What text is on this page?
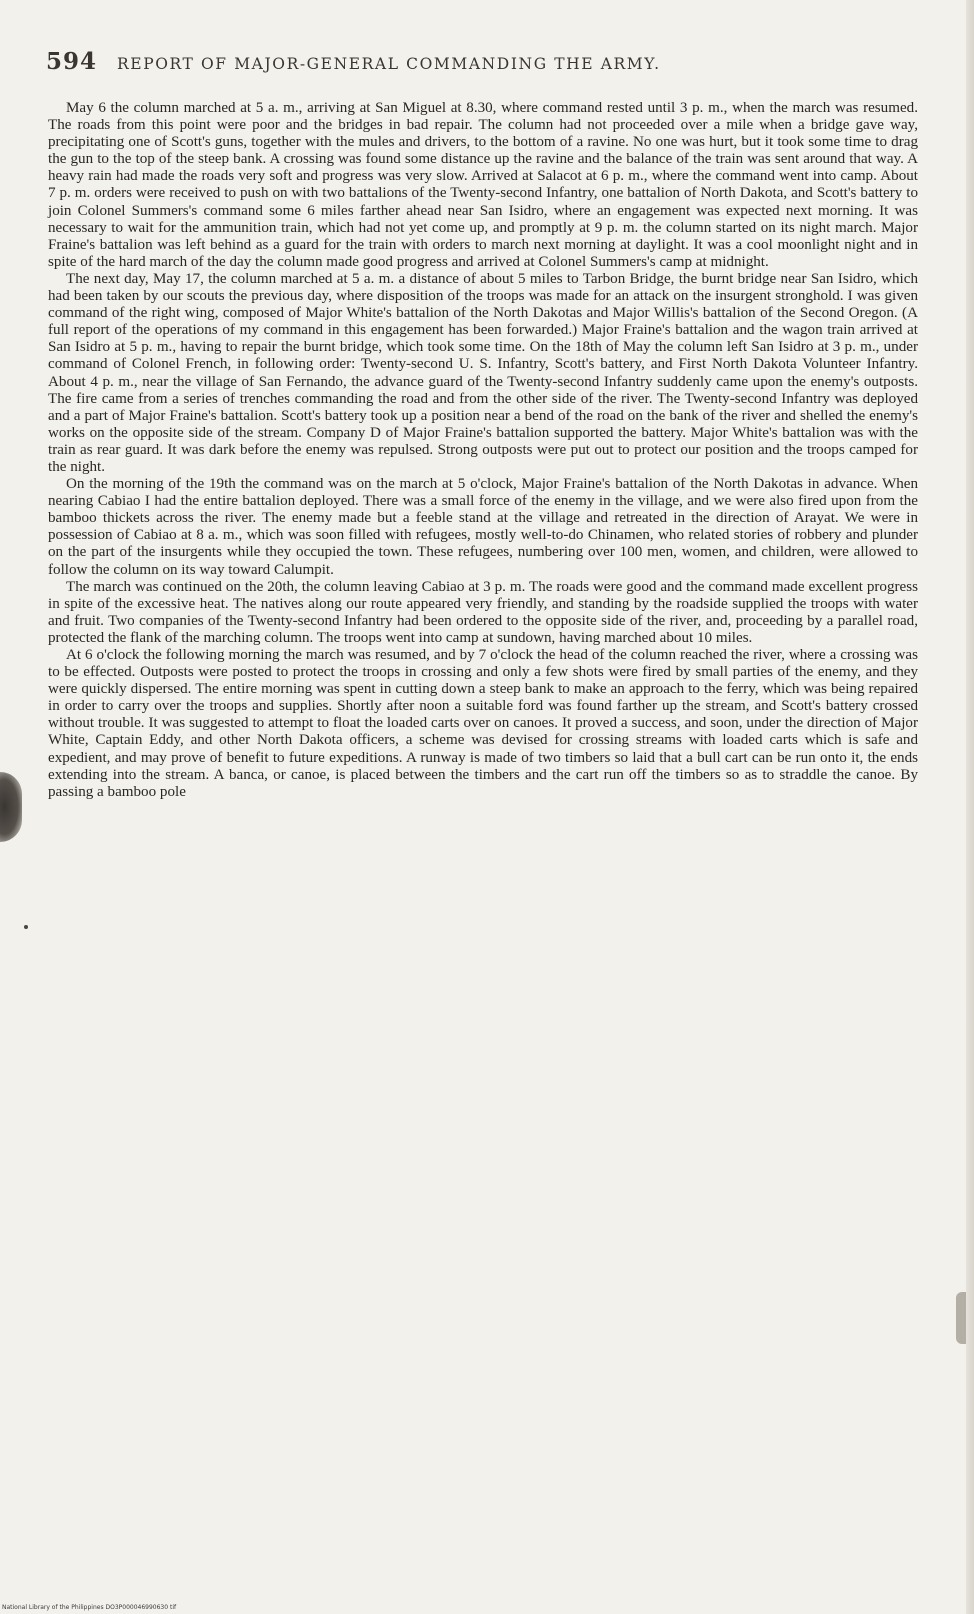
594 REPORT OF MAJOR-GENERAL COMMANDING THE ARMY.

May 6 the column marched at 5 a. m., arriving at San Miguel at 8.30, where command rested until 3 p. m., when the march was resumed. The roads from this point were poor and the bridges in bad repair. The column had not proceeded over a mile when a bridge gave way, precipitating one of Scott's guns, together with the mules and drivers, to the bottom of a ravine. No one was hurt, but it took some time to drag the gun to the top of the steep bank. A crossing was found some distance up the ravine and the balance of the train was sent around that way. A heavy rain had made the roads very soft and progress was very slow. Arrived at Salacot at 6 p. m., where the command went into camp. About 7 p. m. orders were received to push on with two battalions of the Twenty-second Infantry, one battalion of North Dakota, and Scott's battery to join Colonel Summers's command some 6 miles farther ahead near San Isidro, where an engagement was expected next morning. It was necessary to wait for the ammunition train, which had not yet come up, and promptly at 9 p. m. the column started on its night march. Major Fraine's battalion was left behind as a guard for the train with orders to march next morning at daylight. It was a cool moonlight night and in spite of the hard march of the day the column made good progress and arrived at Colonel Summers's camp at midnight.

The next day, May 17, the column marched at 5 a. m. a distance of about 5 miles to Tarbon Bridge, the burnt bridge near San Isidro, which had been taken by our scouts the previous day, where disposition of the troops was made for an attack on the insurgent stronghold. I was given command of the right wing, composed of Major White's battalion of the North Dakotas and Major Willis's battalion of the Second Oregon. (A full report of the operations of my command in this engagement has been forwarded.) Major Fraine's battalion and the wagon train arrived at San Isidro at 5 p. m., having to repair the burnt bridge, which took some time. On the 18th of May the column left San Isidro at 3 p. m., under command of Colonel French, in following order: Twenty-second U. S. Infantry, Scott's battery, and First North Dakota Volunteer Infantry. About 4 p. m., near the village of San Fernando, the advance guard of the Twenty-second Infantry suddenly came upon the enemy's outposts. The fire came from a series of trenches commanding the road and from the other side of the river. The Twenty-second Infantry was deployed and a part of Major Fraine's battalion. Scott's battery took up a position near a bend of the road on the bank of the river and shelled the enemy's works on the opposite side of the stream. Company D of Major Fraine's battalion supported the battery. Major White's battalion was with the train as rear guard. It was dark before the enemy was repulsed. Strong outposts were put out to protect our position and the troops camped for the night.

On the morning of the 19th the command was on the march at 5 o'clock, Major Fraine's battalion of the North Dakotas in advance. When nearing Cabiao I had the entire battalion deployed. There was a small force of the enemy in the village, and we were also fired upon from the bamboo thickets across the river. The enemy made but a feeble stand at the village and retreated in the direction of Arayat. We were in possession of Cabiao at 8 a. m., which was soon filled with refugees, mostly well-to-do Chinamen, who related stories of robbery and plunder on the part of the insurgents while they occupied the town. These refugees, numbering over 100 men, women, and children, were allowed to follow the column on its way toward Calumpit.

The march was continued on the 20th, the column leaving Cabiao at 3 p. m. The roads were good and the command made excellent progress in spite of the excessive heat. The natives along our route appeared very friendly, and standing by the roadside supplied the troops with water and fruit. Two companies of the Twenty-second Infantry had been ordered to the opposite side of the river, and, proceeding by a parallel road, protected the flank of the marching column. The troops went into camp at sundown, having marched about 10 miles.

At 6 o'clock the following morning the march was resumed, and by 7 o'clock the head of the column reached the river, where a crossing was to be effected. Outposts were posted to protect the troops in crossing and only a few shots were fired by small parties of the enemy, and they were quickly dispersed. The entire morning was spent in cutting down a steep bank to make an approach to the ferry, which was being repaired in order to carry over the troops and supplies. Shortly after noon a suitable ford was found farther up the stream, and Scott's battery crossed without trouble. It was suggested to attempt to float the loaded carts over on canoes. It proved a success, and soon, under the direction of Major White, Captain Eddy, and other North Dakota officers, a scheme was devised for crossing streams with loaded carts which is safe and expedient, and may prove of benefit to future expeditions. A runway is made of two timbers so laid that a bull cart can be run onto it, the ends extending into the stream. A banca, or canoe, is placed between the timbers and the cart run off the timbers so as to straddle the canoe. By passing a bamboo pole

National Library of the Philippines DO3P000046990630 tif
